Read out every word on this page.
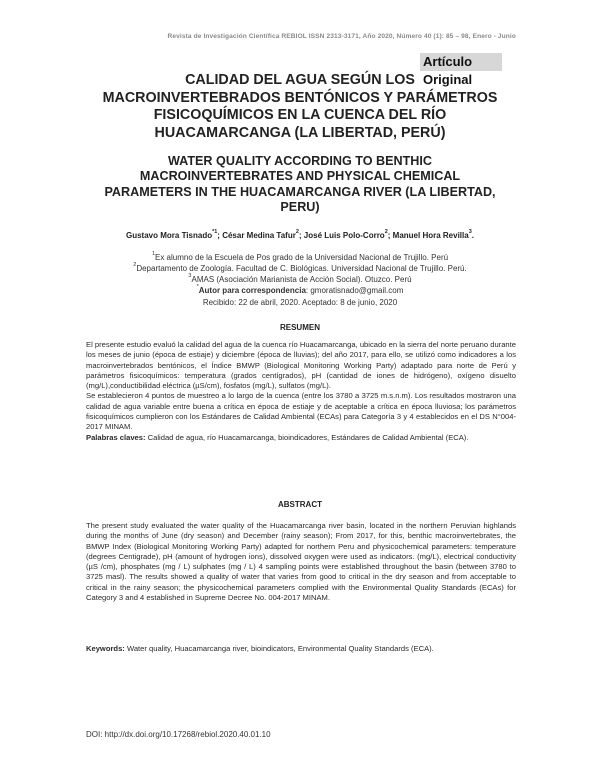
Revista de Investigación Científica REBIOL ISSN 2313-3171, Año 2020, Número 40 (1): 85 – 98, Enero - Junio
Artículo Original
CALIDAD DEL AGUA SEGÚN LOS MACROINVERTEBRADOS BENTÓNICOS Y PARÁMETROS FISICOQUÍMICOS EN LA CUENCA DEL RÍO HUACAMARCANGA (LA LIBERTAD, PERÚ)
WATER QUALITY ACCORDING TO BENTHIC MACROINVERTEBRATES AND PHYSICAL CHEMICAL PARAMETERS IN THE HUACAMARCANGA RIVER (LA LIBERTAD, PERU)
Gustavo Mora Tisnado$^{*1}$; César Medina Tafur$^2$; José Luis Polo-Corro$^2$; Manuel Hora Revilla$^3$.
$^1$Ex alumno de la Escuela de Pos grado de la Universidad Nacional de Trujillo. Perú
$^2$Departamento de Zoología. Facultad de C. Biológicas. Universidad Nacional de Trujillo. Perú.
$^3$AMAS (Asociación Marianista de Acción Social). Otuzco. Perú
*Autor para correspondencia: gmoratisnado@gmail.com
Recibido: 22 de abril, 2020. Aceptado: 8 de junio, 2020
RESUMEN

El presente estudio evaluó la calidad del agua de la cuenca río Huacamarcanga, ubicado en la sierra del norte peruano durante los meses de junio (época de estiaje) y diciembre (época de lluvias); del año 2017, para ello, se utilizó como indicadores a los macroinvertebrados bentónicos, el Índice BMWP (Biological Monitoring Working Party) adaptado para norte de Perú y parámetros fisicoquímicos: temperatura (grados centígrados), pH (cantidad de iones de hidrógeno), oxígeno disuelto (mg/L),conductibilidad eléctrica (µS/cm), fosfatos (mg/L), sulfatos (mg/L).

Se establecieron 4 puntos de muestreo a lo largo de la cuenca (entre los 3780 a 3725 m.s.n.m). Los resultados mostraron una calidad de agua variable entre buena a crítica en época de estiaje y de aceptable a crítica en época lluviosa; los parámetros fisicoquímicos cumplieron con los Estándares de Calidad Ambiental (ECAs) para Categoría 3 y 4 establecidos en el DS N°004-2017 MINAM.

Palabras claves: Calidad de agua, río Huacamarcanga, bioindicadores, Estándares de Calidad Ambiental (ECA).

ABSTRACT

The present study evaluated the water quality of the Huacamarcanga river basin, located in the northern Peruvian highlands during the months of June (dry season) and December (rainy season); From 2017, for this, benthic macroinvertebrates, the BMWP Index (Biological Monitoring Working Party) adapted for northern Peru and physicochemical parameters: temperature (degrees Centigrade), pH (amount of hydrogen ions), dissolved oxygen were used as indicators. (mg/L), electrical conductivity (µS /cm), phosphates (mg / L) sulphates (mg / L) 4 sampling points were established throughout the basin (between 3780 to 3725 masl). The results showed a quality of water that varies from good to critical in the dry season and from acceptable to critical in the rainy season; the physicochemical parameters complied with the Environmental Quality Standards (ECAs) for Category 3 and 4 established in Supreme Decree No. 004-2017 MINAM.

Keywords: Water quality, Huacamarcanga river, bioindicators, Environmental Quality Standards (ECA).

DOI: http://dx.doi.org/10.17268/rebiol.2020.40.01.10
